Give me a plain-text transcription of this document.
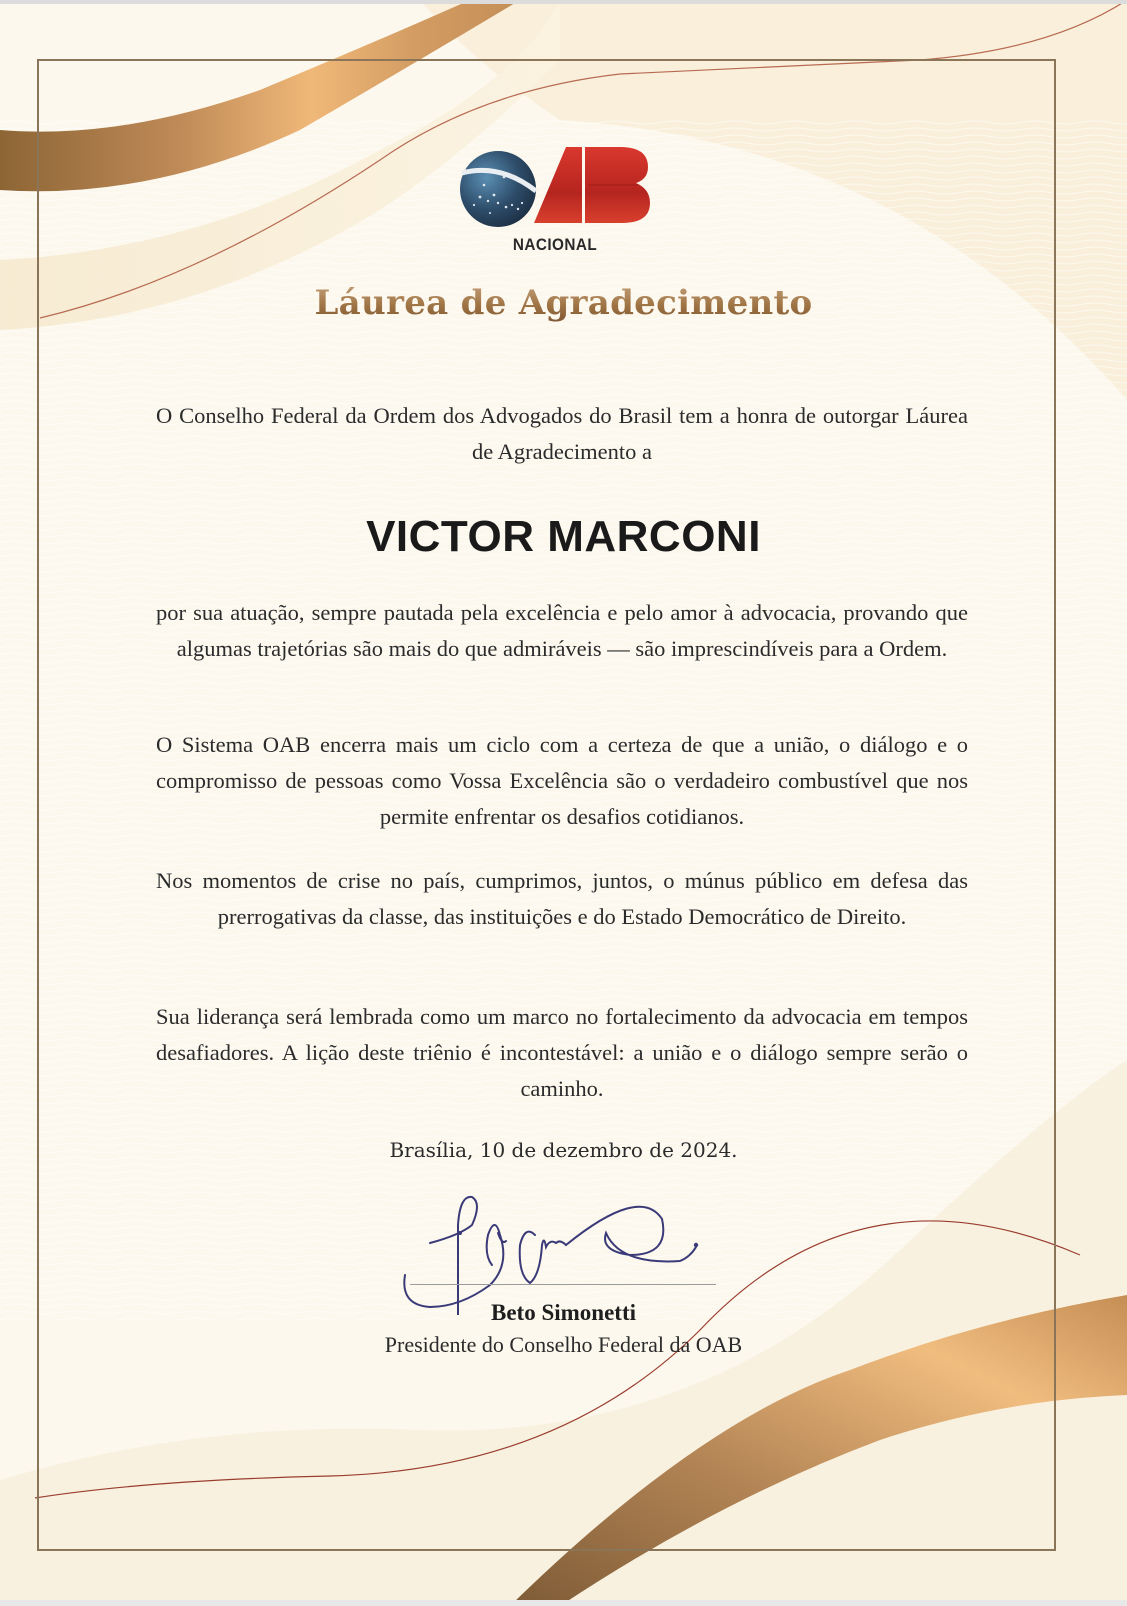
NACIONAL
Láurea de Agradecimento
O Conselho Federal da Ordem dos Advogados do Brasil tem a honra de outorgar Láurea de Agradecimento a
VICTOR MARCONI
por sua atuação, sempre pautada pela excelência e pelo amor à advocacia, provando que algumas trajetórias são mais do que admiráveis — são imprescindíveis para a Ordem.
O Sistema OAB encerra mais um ciclo com a certeza de que a união, o diálogo e o compromisso de pessoas como Vossa Excelência são o verdadeiro combustível que nos permite enfrentar os desafios cotidianos.
Nos momentos de crise no país, cumprimos, juntos, o múnus público em defesa das prerrogativas da classe, das instituições e do Estado Democrático de Direito.
Sua liderança será lembrada como um marco no fortalecimento da advocacia em tempos desafiadores. A lição deste triênio é incontestável: a união e o diálogo sempre serão o caminho.
Brasília, 10 de dezembro de 2024.
Beto Simonetti
Presidente do Conselho Federal da OAB
